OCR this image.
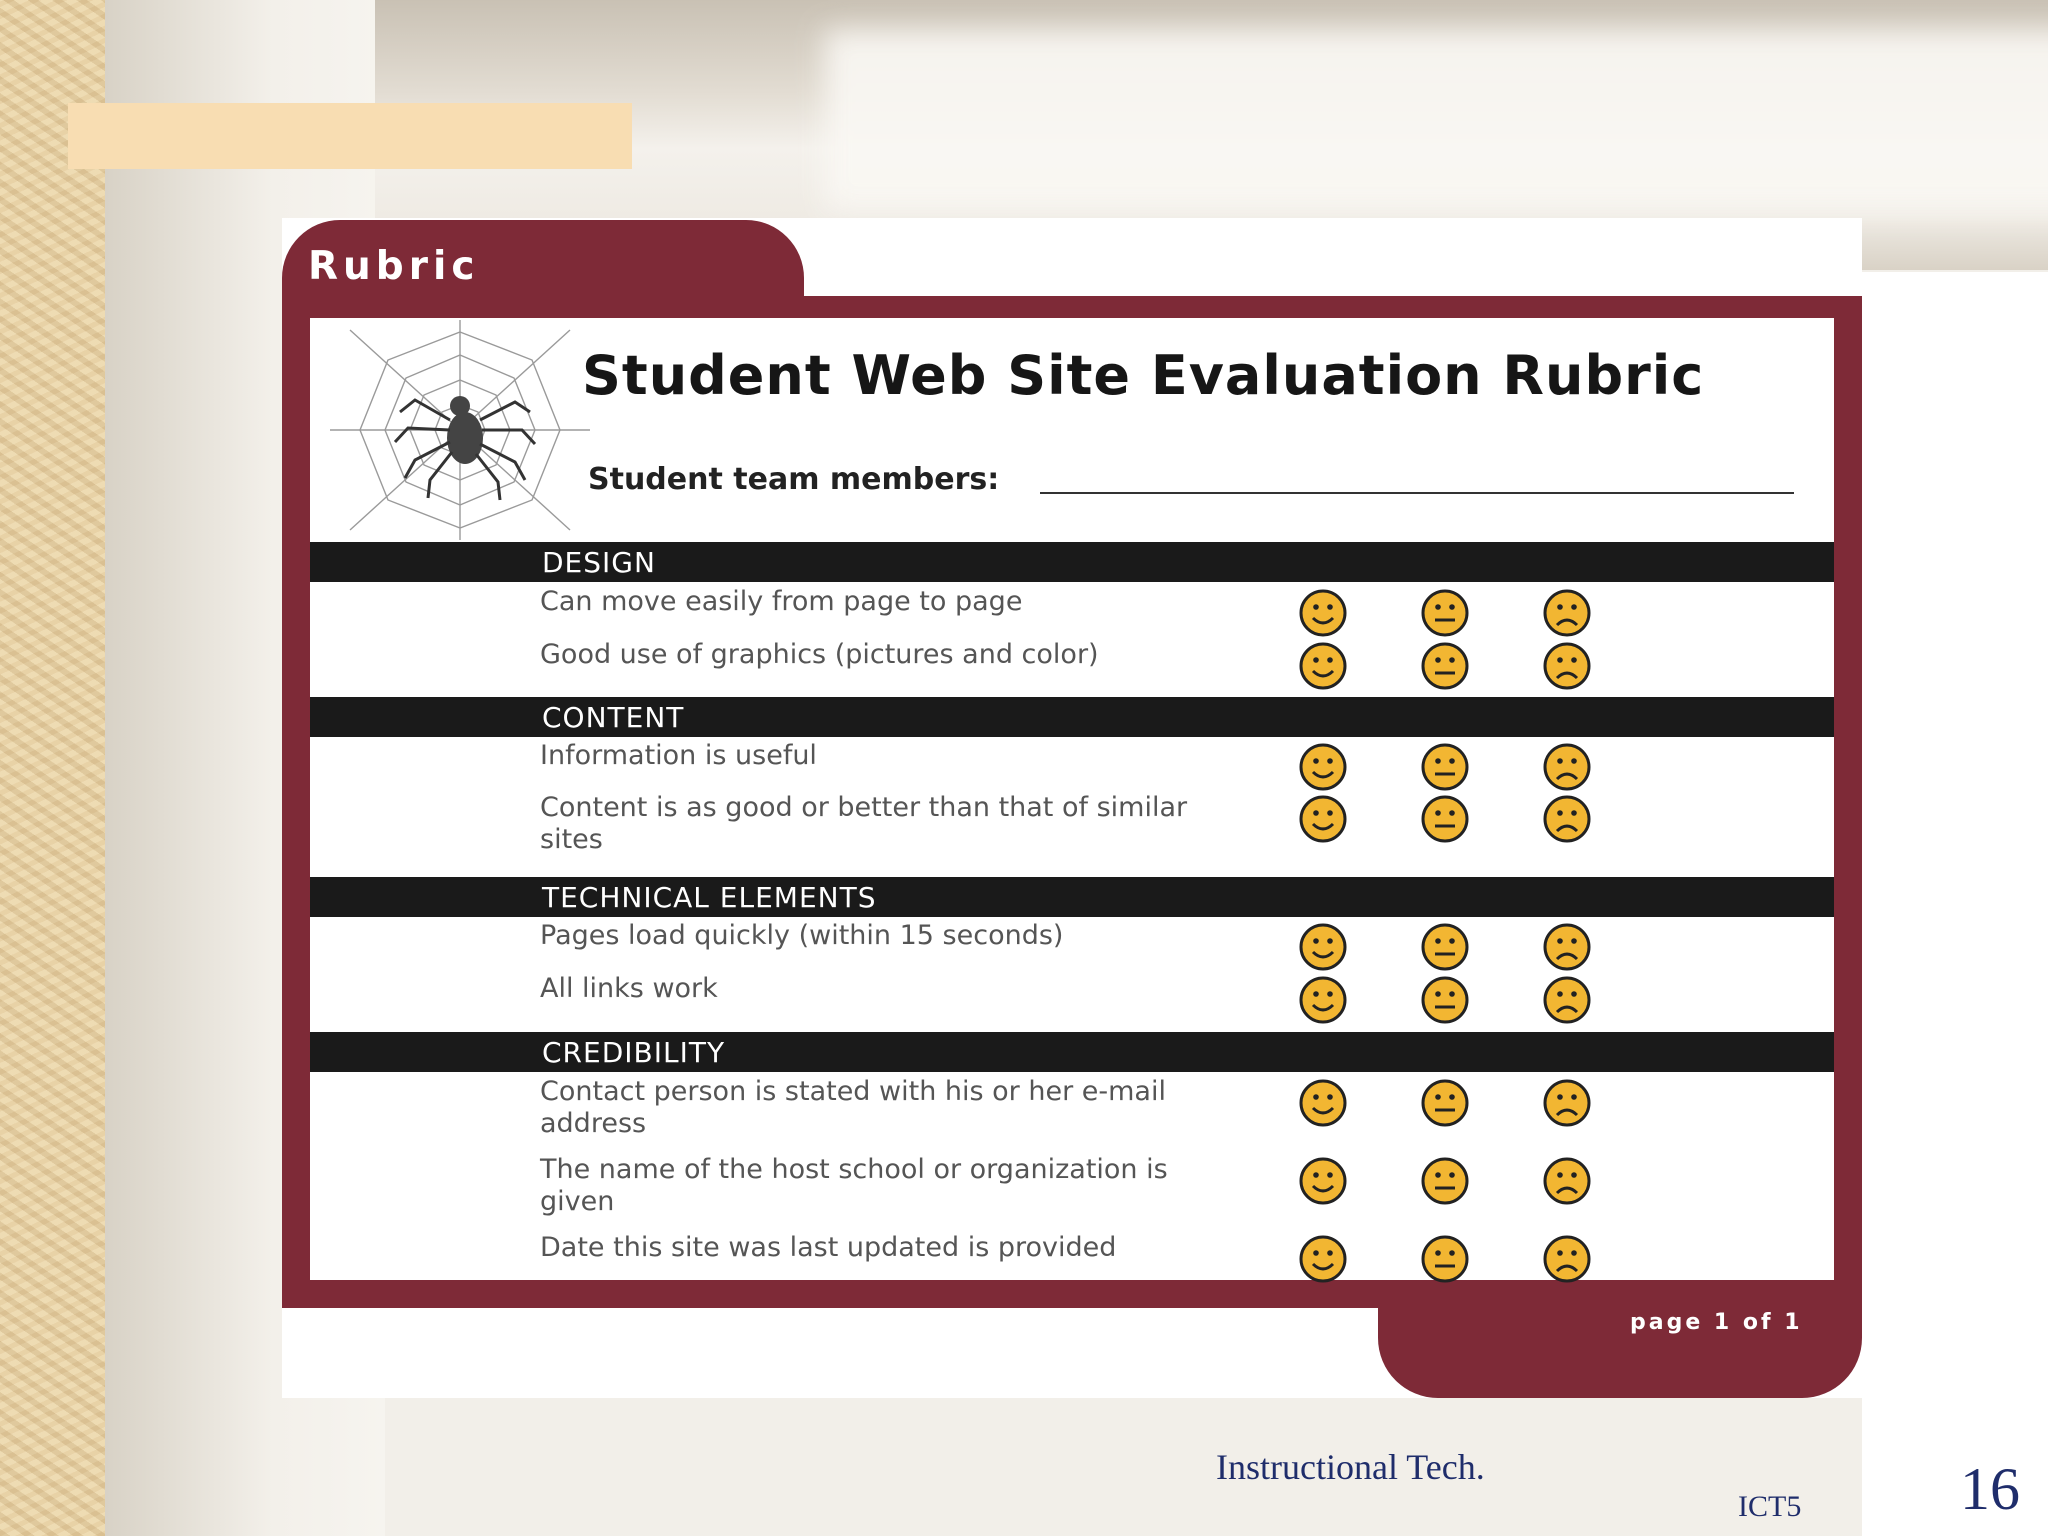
Rubric
Student Web Site Evaluation Rubric
Student team members:
DESIGN
Can move easily from page to page
Good use of graphics (pictures and color)
CONTENT
Information is useful
Content is as good or better than that of similar sites
TECHNICAL ELEMENTS
Pages load quickly (within 15 seconds)
All links work
CREDIBILITY
Contact person is stated with his or her e-mail address
The name of the host school or organization is given
Date this site was last updated is provided
page 1 of 1
Instructional Tech.
ICT5	16
